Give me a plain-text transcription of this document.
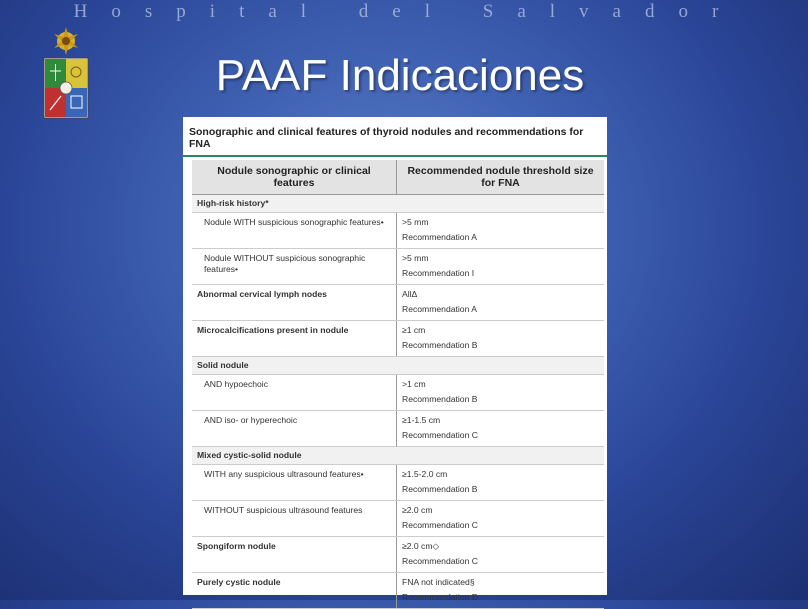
Hospital del Salvador
PAAF Indicaciones
Sonographic and clinical features of thyroid nodules and recommendations for FNA
Nodule sonographic or clinical features	Recommended nodule threshold size for FNA
High-risk history*	
Nodule WITH suspicious sonographic features•	>5 mm
Recommendation A

Nodule WITHOUT suspicious sonographic features•	>5 mm
Recommendation I

Abnormal cervical lymph nodes	AllΔ
Recommendation A

Microcalcifications present in nodule	≥1 cm
Recommendation B

Solid nodule	
AND hypoechoic	>1 cm
Recommendation B

AND iso- or hyperechoic	≥1-1.5 cm
Recommendation C

Mixed cystic-solid nodule	
WITH any suspicious ultrasound features•	≥1.5-2.0 cm
Recommendation B

WITHOUT suspicious ultrasound features	≥2.0 cm
Recommendation C

Spongiform nodule	≥2.0 cm◇
Recommendation C

Purely cystic nodule	FNA not indicated§
Recommendation E
